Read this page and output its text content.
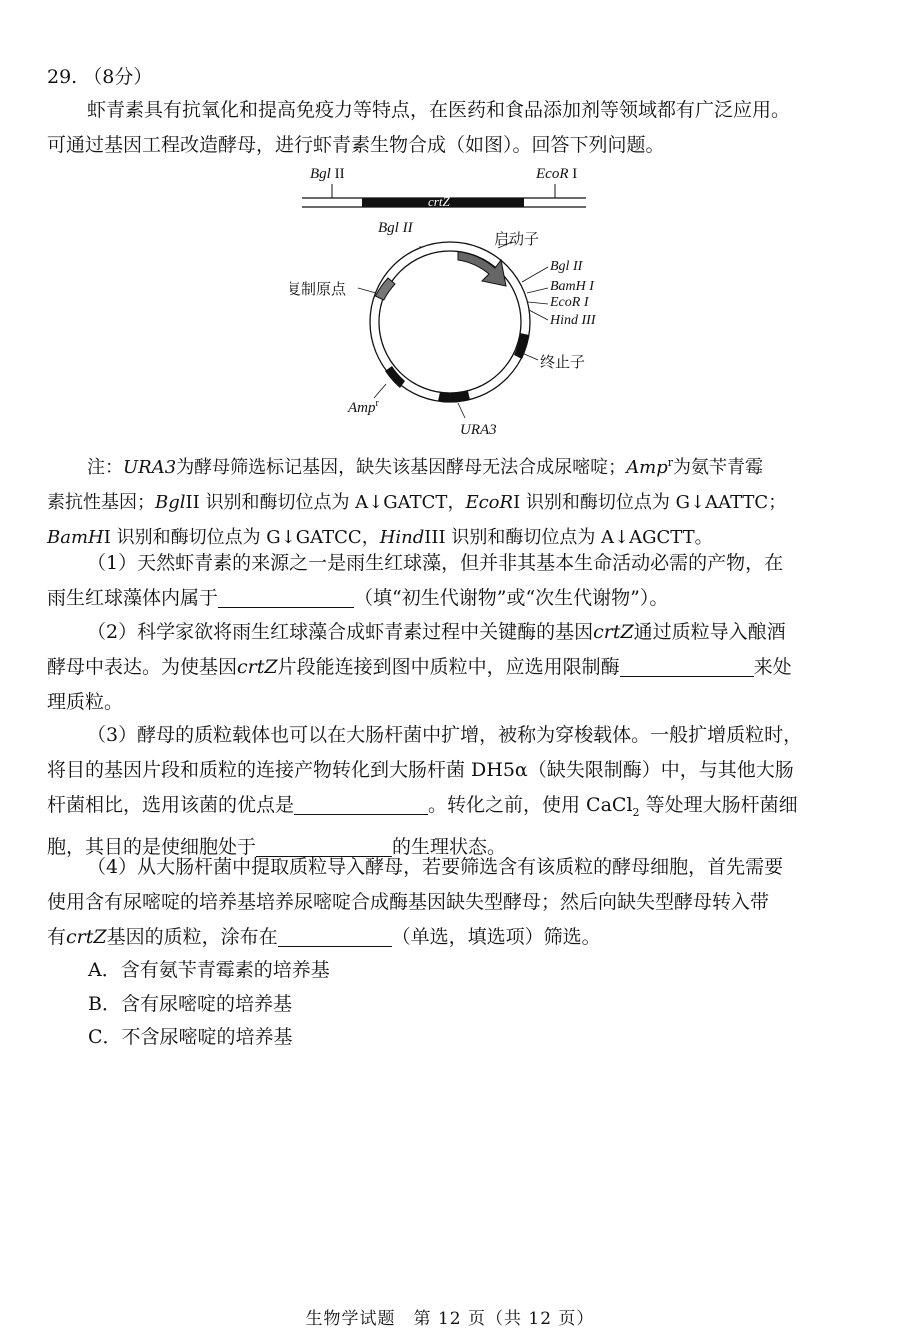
29. （8分）
虾青素具有抗氧化和提高免疫力等特点，在医药和食品添加剂等领域都有广泛应用。
可通过基因工程改造酵母，进行虾青素生物合成（如图）。回答下列问题。
Bgl II	EcoR I
crtZ
Bgl II
启动子
Bgl II
BamH I
EcoR I
Hind III
终止子
复制原点
Amp$^r$
URA3
注：URA3为酵母筛选标记基因，缺失该基因酵母无法合成尿嘧啶；Amp$^r$为氨苄青霉
素抗性基因；BglII 识别和酶切位点为 A↓GATCT，EcoRI 识别和酶切位点为 G↓AATTC；
BamHI 识别和酶切位点为 G↓GATCC，HindIII 识别和酶切位点为 A↓AGCTT。
（1）天然虾青素的来源之一是雨生红球藻，但并非其基本生命活动必需的产物，在
雨生红球藻体内属于	（填“初生代谢物”或“次生代谢物”）。
（2）科学家欲将雨生红球藻合成虾青素过程中关键酶的基因crtZ通过质粒导入酿酒
酵母中表达。为使基因crtZ片段能连接到图中质粒中，应选用限制酶	来处
理质粒。
（3）酵母的质粒载体也可以在大肠杆菌中扩增，被称为穿梭载体。一般扩增质粒时，
将目的基因片段和质粒的连接产物转化到大肠杆菌 DH5α（缺失限制酶）中，与其他大肠
杆菌相比，选用该菌的优点是	。转化之前，使用 CaCl$_2$ 等处理大肠杆菌细
胞，其目的是使细胞处于	的生理状态。
（4）从大肠杆菌中提取质粒导入酵母，若要筛选含有该质粒的酵母细胞，首先需要
使用含有尿嘧啶的培养基培养尿嘧啶合成酶基因缺失型酵母；然后向缺失型酵母转入带
有crtZ基因的质粒，涂布在	（单选，填选项）筛选。
A．含有氨苄青霉素的培养基
B．含有尿嘧啶的培养基
C．不含尿嘧啶的培养基
生物学试题　第 12 页（共 12 页）
